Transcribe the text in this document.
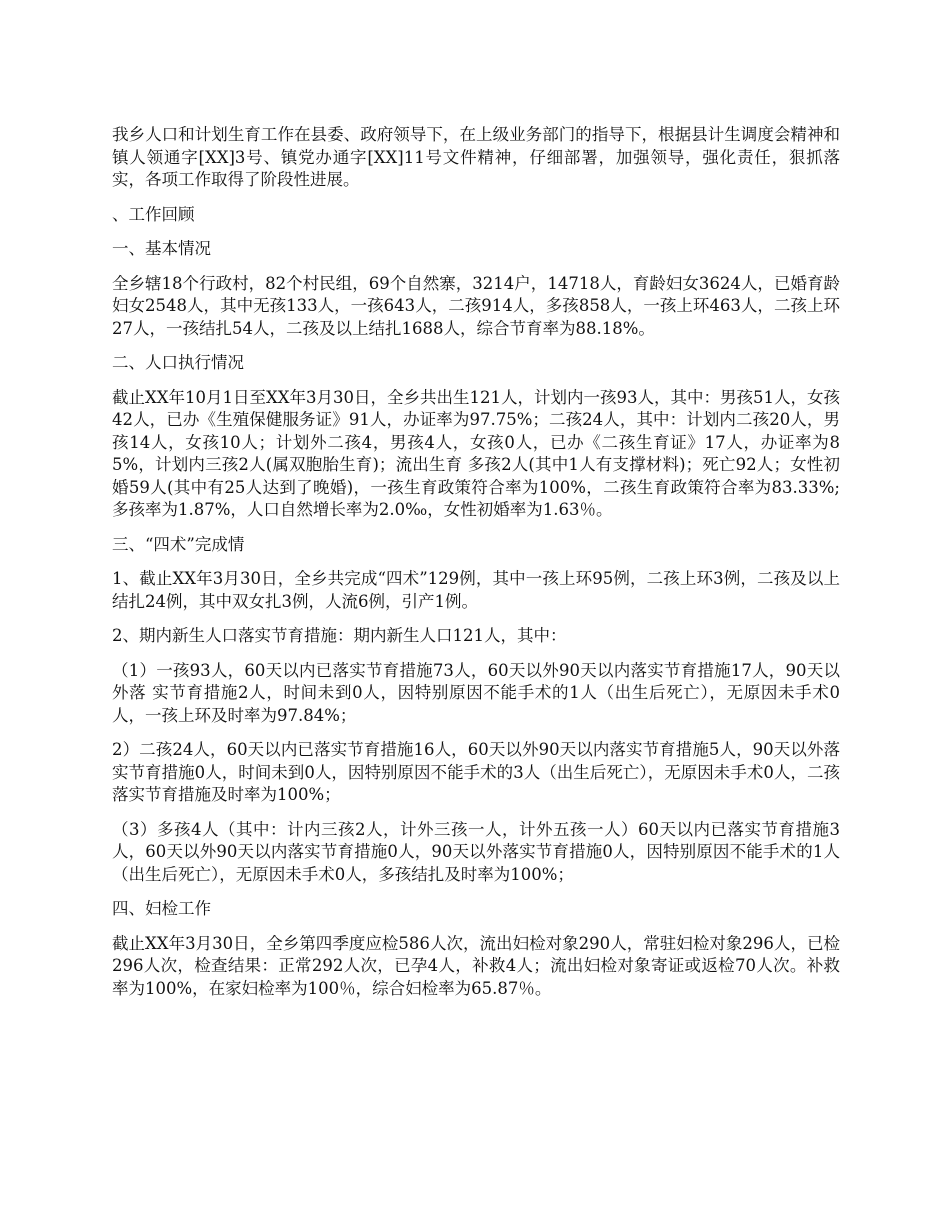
我乡人口和计划生育工作在县委、政府领导下，在上级业务部门的指导下，根据县计生调度会精神和镇人领通字[XX]3号、镇党办通字[XX]11号文件精神，仔细部署，加强领导，强化责任，狠抓落实，各项工作取得了阶段性进展。

、工作回顾

一、基本情况

全乡辖18个行政村，82个村民组，69个自然寨，3214户，14718人，育龄妇女3624人，已婚育龄妇女2548人，其中无孩133人，一孩643人，二孩914人，多孩858人，一孩上环463人，二孩上环27人，一孩结扎54人，二孩及以上结扎1688人，综合节育率为88.18%。

二、人口执行情况

截止XX年10月1日至XX年3月30日，全乡共出生121人，计划内一孩93人，其中：男孩51人，女孩42人，已办《生殖保健服务证》91人，办证率为97.75%；二孩24人，其中：计划内二孩20人，男孩14人，女孩10人；计划外二孩4，男孩4人，女孩0人，已办《二孩生育证》17人，办证率为85%，计划内三孩2人(属双胞胎生育)；流出生育 多孩2人(其中1人有支撑材料)；死亡92人；女性初婚59人(其中有25人达到了晚婚)，一孩生育政策符合率为100%，二孩生育政策符合率为83.33%;多孩率为1.87%，人口自然增长率为2.0‰，女性初婚率为1.63％。

三、“四术”完成情

1、截止XX年3月30日，全乡共完成“四术”129例，其中一孩上环95例，二孩上环3例，二孩及以上结扎24例，其中双女扎3例，人流6例，引产1例。

2、期内新生人口落实节育措施：期内新生人口121人，其中：

（1）一孩93人，60天以内已落实节育措施73人，60天以外90天以内落实节育措施17人，90天以外落 实节育措施2人，时间未到0人，因特别原因不能手术的1人（出生后死亡），无原因未手术0人，一孩上环及时率为97.84%；

2）二孩24人，60天以内已落实节育措施16人，60天以外90天以内落实节育措施5人，90天以外落实节育措施0人，时间未到0人，因特别原因不能手术的3人（出生后死亡），无原因未手术0人，二孩落实节育措施及时率为100%；

（3）多孩4人（其中：计内三孩2人，计外三孩一人，计外五孩一人）60天以内已落实节育措施3人，60天以外90天以内落实节育措施0人，90天以外落实节育措施0人，因特别原因不能手术的1人（出生后死亡），无原因未手术0人，多孩结扎及时率为100%；

四、妇检工作

截止XX年3月30日，全乡第四季度应检586人次，流出妇检对象290人，常驻妇检对象296人，已检296人次，检查结果：正常292人次，已孕4人，补救4人；流出妇检对象寄证或返检70人次。补救率为100%，在家妇检率为100％，综合妇检率为65.87％。
